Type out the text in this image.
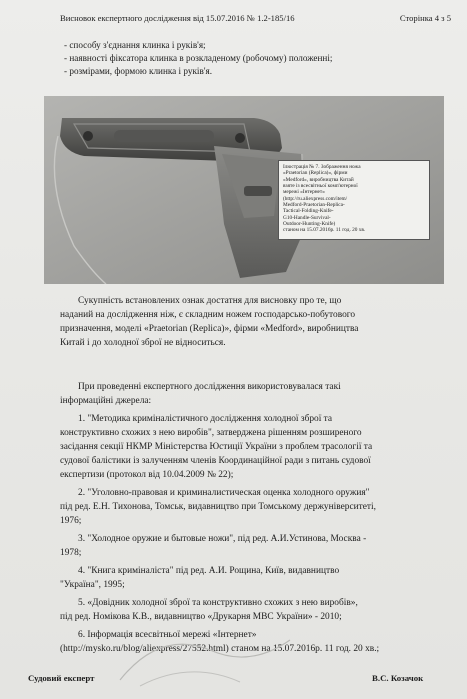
Висновок експертного дослідження від 15.07.2016 № 1.2-185/16	Сторінка 4 з 5
- способу з'єднання клинка і руків'я;
- наявності фіксатора клинка в розкладеному (робочому) положенні;
- розмірами, формою клинка і руків'я.
Ілюстрація № 7. Зображення ножа
«Praetorian (Replica)», фірми
«Medford», виробництва Китай
взяте із всесвітньої комп'ютерної
мережі «Інтернет»
(http://ru.aliexpress.com/item/
Medford-Praetorian-Replica-
Tactical-Folding-Knife-
G10-Handle-Survival-
Outdoor-Hunting-Knife)
станом на 15.07.2016р. 11 год. 20 хв.
Сукупність встановлених ознак достатня для висновку про те, що
наданий на дослідження ніж, є складним ножем господарсько-побутового
призначення, моделі «Praetorian (Replica)», фірми «Medford», виробництва
Китай і до холодної зброї не відноситься.
При проведенні експертного дослідження використовувалася такі
інформаційні джерела:
1. "Методика криміналістичного дослідження холодної зброї та
конструктивно схожих з нею виробів", затверджена рішенням розширеного
засідання секції НКМР Міністерства Юстиції України з проблем трасології та
судової балістики із залученням членів Координаційної ради з питань судової
експертизи (протокол від 10.04.2009 № 22);
2. "Уголовно-правовая и криминалистическая оценка холодного оружия"
під ред. Е.Н. Тихонова, Томськ, видавництво при Томському держуніверситеті,
1976;
3. "Холодное оружие и бытовые ножи", під ред. А.И.Устинова, Москва -
1978;
4. "Книга криміналіста" під ред. А.И. Рощина, Київ, видавництво
"Україна", 1995;
5. «Довідник холодної зброї та конструктивно схожих з нею виробів»,
під ред. Номікова К.В., видавництво «Друкарня МВС України» - 2010;
6. Інформація всесвітньої мережі «Інтернет»
(http://mysko.ru/blog/aliexpress/27552.html) станом на 15.07.2016р. 11 год. 20 хв.;
Судовий експерт	В.С. Козачок
